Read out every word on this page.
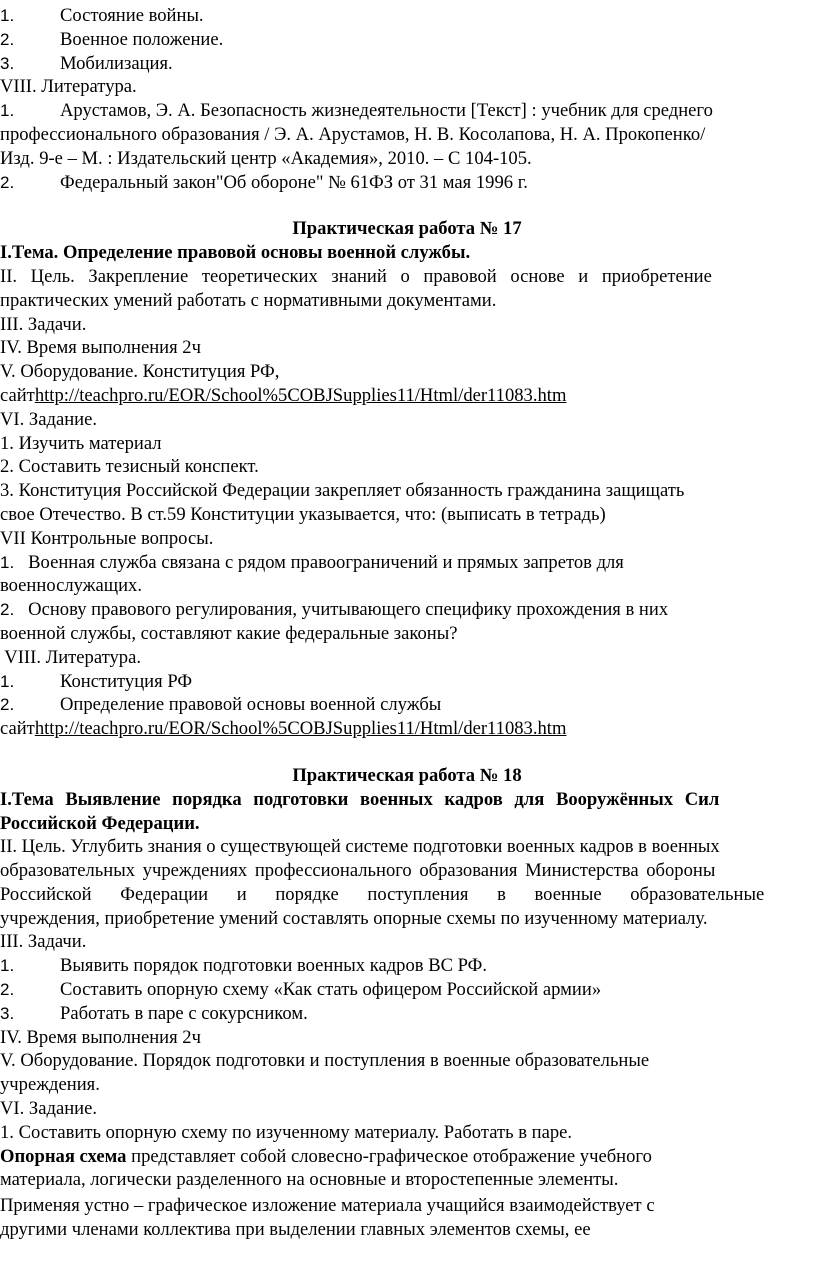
1. Состояние войны.
2. Военное положение.
3. Мобилизация.
VIII. Литература.
1. Арустамов, Э. А. Безопасность жизнедеятельности [Текст] : учебник для среднего
профессионального образования / Э. А. Арустамов, Н. В. Косолапова, Н. А. Прокопенко/
Изд. 9-е – М. : Издательский центр «Академия», 2010. – С 104-105.
2. Федеральный закон"Об обороне" № 61ФЗ от 31 мая 1996 г.
Практическая работа № 17
I.Тема. Определение правовой основы военной службы.
II. Цель. Закрепление теоретических знаний о правовой основе и приобретение
практических умений работать с нормативными документами.
III. Задачи.
IV. Время выполнения 2ч
V. Оборудование. Конституция РФ,
сайтhttp://teachpro.ru/EOR/School%5COBJSupplies11/Html/der11083.htm
VI. Задание.
1. Изучить материал
2. Составить тезисный конспект.
3. Конституция Российской Федерации закрепляет обязанность гражданина защищать
свое Отечество. В ст.59 Конституции указывается, что: (выписать в тетрадь)
VII Контрольные вопросы.
1. Военная служба связана с рядом правоограничений и прямых запретов для
военнослужащих.
2. Основу правового регулирования, учитывающего специфику прохождения в них
военной службы, составляют какие федеральные законы?
VIII. Литература.
1. Конституция РФ
2. Определение правовой основы военной службы
сайтhttp://teachpro.ru/EOR/School%5COBJSupplies11/Html/der11083.htm
Практическая работа № 18
I.Тема Выявление порядка подготовки военных кадров для Вооружённых Сил
Российской Федерации.
II. Цель. Углубить знания о существующей системе подготовки военных кадров в военных
образовательных учреждениях профессионального образования Министерства обороны
Российской Федерации и порядке поступления в военные образовательные
учреждения, приобретение умений составлять опорные схемы по изученному материалу.
III. Задачи.
1. Выявить порядок подготовки военных кадров ВС РФ.
2. Составить опорную схему «Как стать офицером Российской армии»
3. Работать в паре с сокурсником.
IV. Время выполнения 2ч
V. Оборудование. Порядок подготовки и поступления в военные образовательные
учреждения.
VI. Задание.
1. Составить опорную схему по изученному материалу. Работать в паре.
Опорная схема представляет собой словесно-графическое отображение учебного
материала, логически разделенного на основные и второстепенные элементы.
Применяя устно – графическое изложение материала учащийся взаимодействует с
другими членами коллектива при выделении главных элементов схемы, ее
